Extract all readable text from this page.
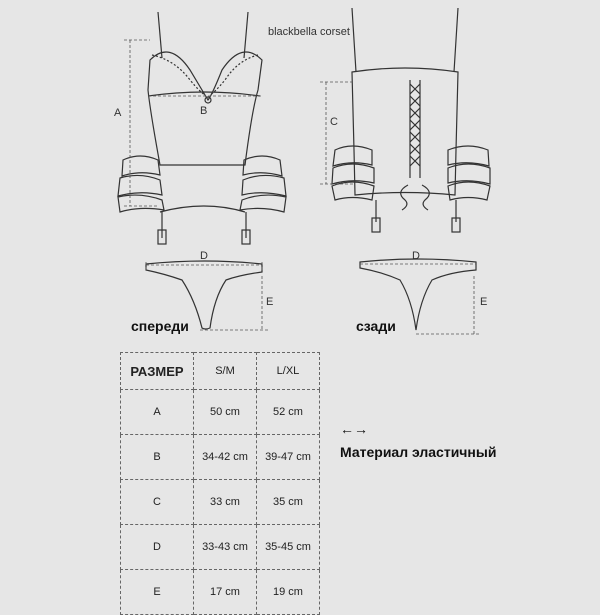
blackbella corset
A	B
C
D
E
D
E
спереди	сзади
РАЗМЕР	S/M	L/XL
A	50 cm	52 cm
B	34-42 cm	39-47 cm
C	33 cm	35 cm
D	33-43 cm	35-45 cm
E	17 cm	19 cm
←→
Материал эластичный
